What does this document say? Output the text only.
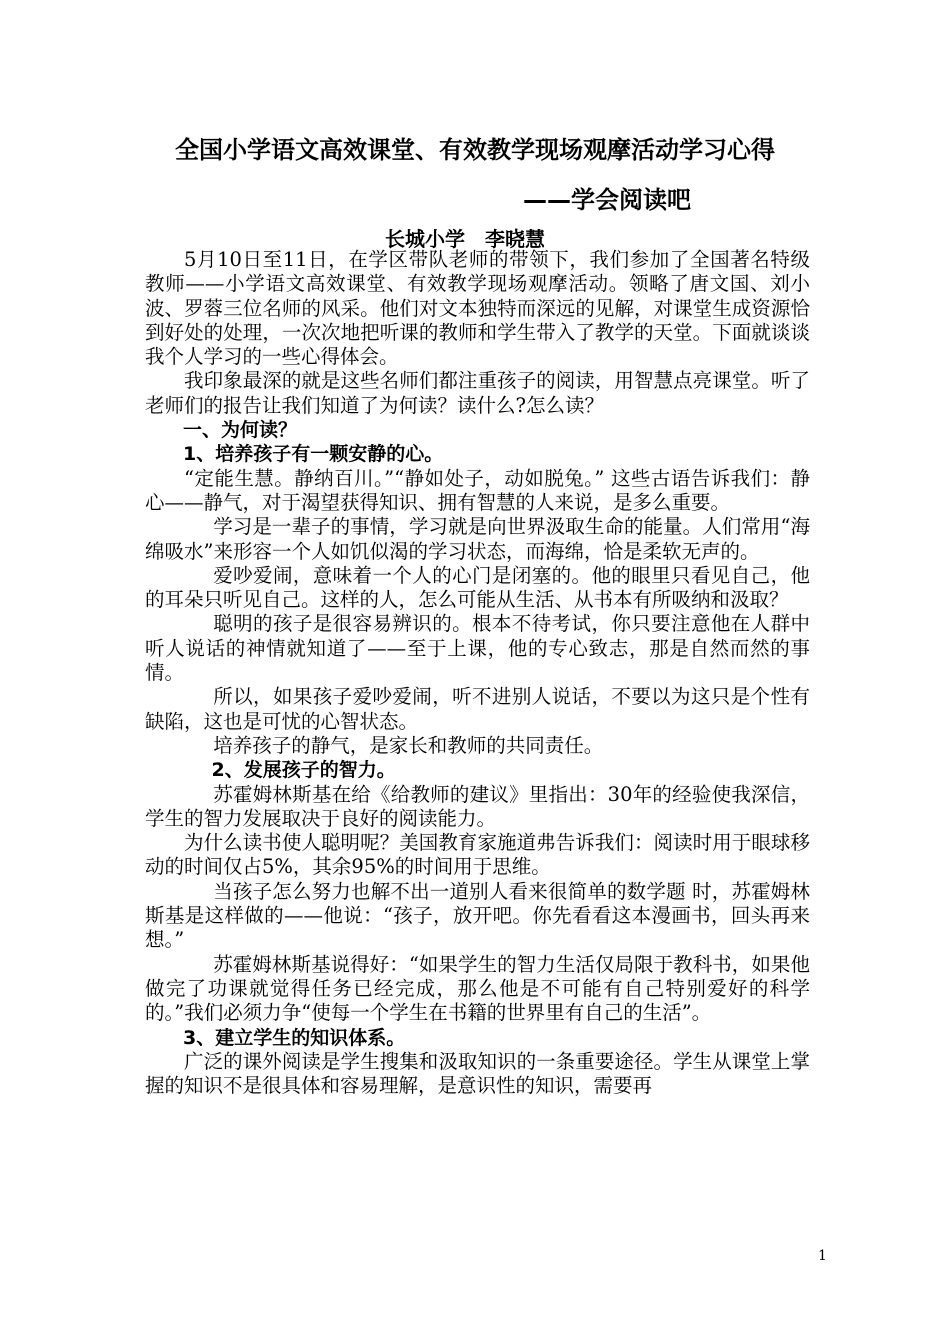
全国小学语文高效课堂、有效教学现场观摩活动学习心得
——学会阅读吧
长城小学　李晓慧

5月10日至11日，在学区带队老师的带领下，我们参加了全国著名特级教师——小学语文高效课堂、有效教学现场观摩活动。领略了唐文国、刘小波、罗蓉三位名师的风采。他们对文本独特而深远的见解，对课堂生成资源恰到好处的处理，一次次地把听课的教师和学生带入了教学的天堂。下面就谈谈我个人学习的一些心得体会。

我印象最深的就是这些名师们都注重孩子的阅读，用智慧点亮课堂。听了老师们的报告让我们知道了为何读？读什么?怎么读？

一、为何读？

1、培养孩子有一颗安静的心。

“定能生慧。静纳百川。”“静如处子，动如脱兔。” 这些古语告诉我们：静心——静气，对于渴望获得知识、拥有智慧的人来说，是多么重要。

学习是一辈子的事情，学习就是向世界汲取生命的能量。人们常用“海绵吸水”来形容一个人如饥似渴的学习状态，而海绵，恰是柔软无声的。

爱吵爱闹，意味着一个人的心门是闭塞的。他的眼里只看见自己，他的耳朵只听见自己。这样的人，怎么可能从生活、从书本有所吸纳和汲取？

聪明的孩子是很容易辨识的。根本不待考试，你只要注意他在人群中听人说话的神情就知道了——至于上课，他的专心致志，那是自然而然的事情。

所以，如果孩子爱吵爱闹，听不进别人说话，不要以为这只是个性有缺陷，这也是可忧的心智状态。

培养孩子的静气，是家长和教师的共同责任。

2、发展孩子的智力。

苏霍姆林斯基在给《给教师的建议》里指出：30年的经验使我深信，学生的智力发展取决于良好的阅读能力。

为什么读书使人聪明呢？美国教育家施道弗告诉我们：阅读时用于眼球移动的时间仅占5%，其余95%的时间用于思维。

当孩子怎么努力也解不出一道别人看来很简单的数学题 时，苏霍姆林斯基是这样做的——他说：“孩子，放开吧。你先看看这本漫画书，回头再来想。”

苏霍姆林斯基说得好：“如果学生的智力生活仅局限于教科书，如果他做完了功课就觉得任务已经完成，那么他是不可能有自己特别爱好的科学的。”我们必须力争“使每一个学生在书籍的世界里有自己的生活”。

3、建立学生的知识体系。

广泛的课外阅读是学生搜集和汲取知识的一条重要途径。学生从课堂上掌握的知识不是很具体和容易理解，是意识性的知识，需要再

1
